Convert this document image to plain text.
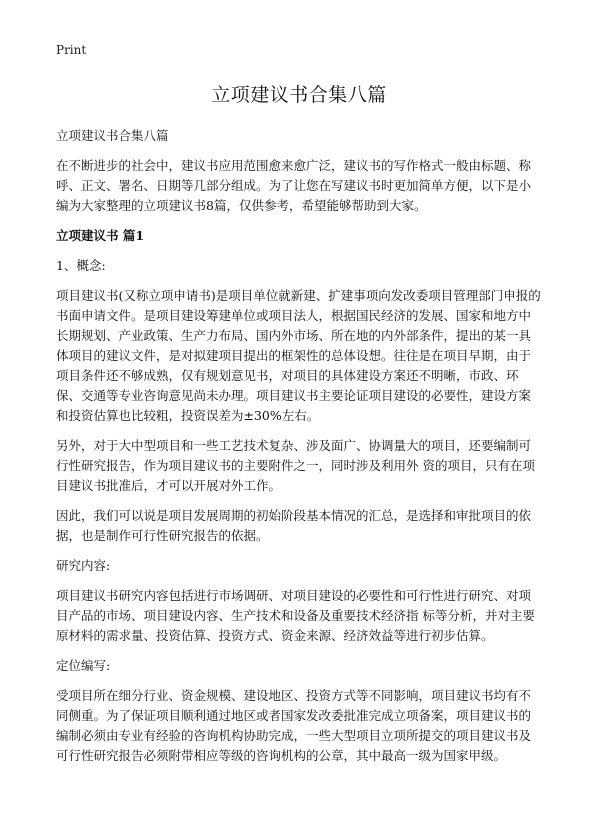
Print
立项建议书合集八篇

立项建议书合集八篇

在不断进步的社会中，建议书应用范围愈来愈广泛，建议书的写作格式一般由标题、称呼、正文、署名、日期等几部分组成。为了让您在写建议书时更加简单方便，以下是小编为大家整理的立项建议书8篇，仅供参考，希望能够帮助到大家。

立项建议书 篇1

1、概念:

项目建议书(又称立项申请书)是项目单位就新建、扩建事项向发改委项目管理部门申报的书面申请文件。是项目建设筹建单位或项目法人，根据国民经济的发展、国家和地方中长期规划、产业政策、生产力布局、国内外市场、所在地的内外部条件，提出的某一具体项目的建议文件，是对拟建项目提出的框架性的总体设想。往往是在项目早期，由于项目条件还不够成熟，仅有规划意见书，对项目的具体建设方案还不明晰，市政、环保、交通等专业咨询意见尚未办理。项目建议书主要论证项目建设的必要性，建设方案和投资估算也比较粗，投资误差为±30%左右。

另外，对于大中型项目和一些工艺技术复杂、涉及面广、协调量大的项目，还要编制可行性研究报告，作为项目建议书的主要附件之一，同时涉及利用外 资的项目，只有在项目建议书批准后，才可以开展对外工作。

因此，我们可以说是项目发展周期的初始阶段基本情况的汇总，是选择和审批项目的依据，也是制作可行性研究报告的依据。

研究内容:

项目建议书研究内容包括进行市场调研、对项目建设的必要性和可行性进行研究、对项目产品的市场、项目建设内容、生产技术和设备及重要技术经济指 标等分析，并对主要原材料的需求量、投资估算、投资方式、资金来源、经济效益等进行初步估算。

定位编写:

受项目所在细分行业、资金规模、建设地区、投资方式等不同影响，项目建议书均有不同侧重。为了保证项目顺利通过地区或者国家发改委批准完成立项备案，项目建议书的编制必须由专业有经验的咨询机构协助完成，一些大型项目立项所提交的项目建议书及可行性研究报告必须附带相应等级的咨询机构的公章，其中最高一级为国家甲级。
